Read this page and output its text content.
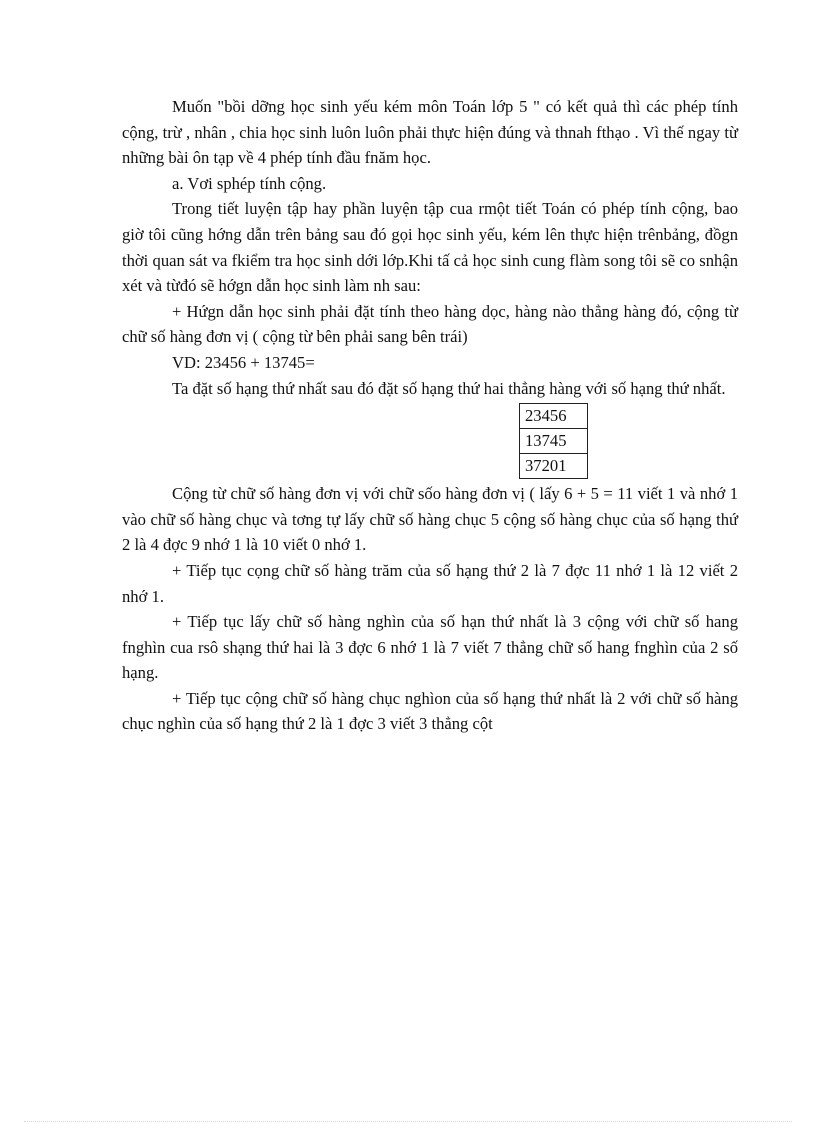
Muốn "bồi dỡng học sinh yếu kém môn Toán lớp 5 " có kết quả thì các phép tính cộng, trừ , nhân , chia học sinh luôn luôn phải thực hiện đúng và thnah fthạo . Vì thế ngay từ những bài ôn tạp về 4 phép tính đầu fnăm học.

a. Vơi sphép tính cộng.

Trong tiết luyện tập hay phần luyện tập cua rmột tiết Toán có phép tính cộng, bao giờ tôi cũng hớng dẫn trên bảng sau đó gọi học sinh yếu, kém lên thực hiện trênbảng, đồgn thời quan sát va fkiểm tra học sinh dới lớp.Khi tấ cả học sinh cung flàm song tôi sẽ co snhận xét và từđó sẽ hớgn dẫn học sinh làm nh sau:

+ Hứgn dẫn học sinh phải đặt tính theo hàng dọc, hàng nào thẳng hàng đó, cộng từ chữ số hàng đơn vị ( cộng từ bên phải sang bên trái)

VD: 23456 + 13745=

Ta đặt số hạng thứ nhất sau đó đặt số hạng thứ hai thẳng hàng với số hạng thứ nhất.

23456
13745
37201

Cộng từ chữ số hàng đơn vị với chữ sốo hàng đơn vị ( lấy 6 + 5 = 11 viết 1 và nhớ 1 vào chữ số hàng chục và tơng tự lấy chữ số hàng chục 5 cộng số hàng chục của số hạng thứ 2 là 4 đợc 9 nhớ 1 là 10 viết 0 nhớ 1.

+ Tiếp tục cọng chữ số hàng trăm của số hạng thứ 2 là 7 đợc 11 nhớ 1 là 12 viết 2 nhớ 1.

+ Tiếp tục lấy chữ số hàng nghìn của số hạn thứ nhất là 3 cộng với chữ số hang fnghìn cua rsô shạng thứ hai là 3 đợc 6 nhớ 1 là 7 viết 7 thẳng chữ số hang fnghìn của 2 số hạng.

+ Tiếp tục cộng chữ số hàng chục nghìon của số hạng thứ nhất là 2 với chữ số hàng chục nghìn của số hạng thứ 2 là 1 đợc 3 viết 3 thẳng cột
